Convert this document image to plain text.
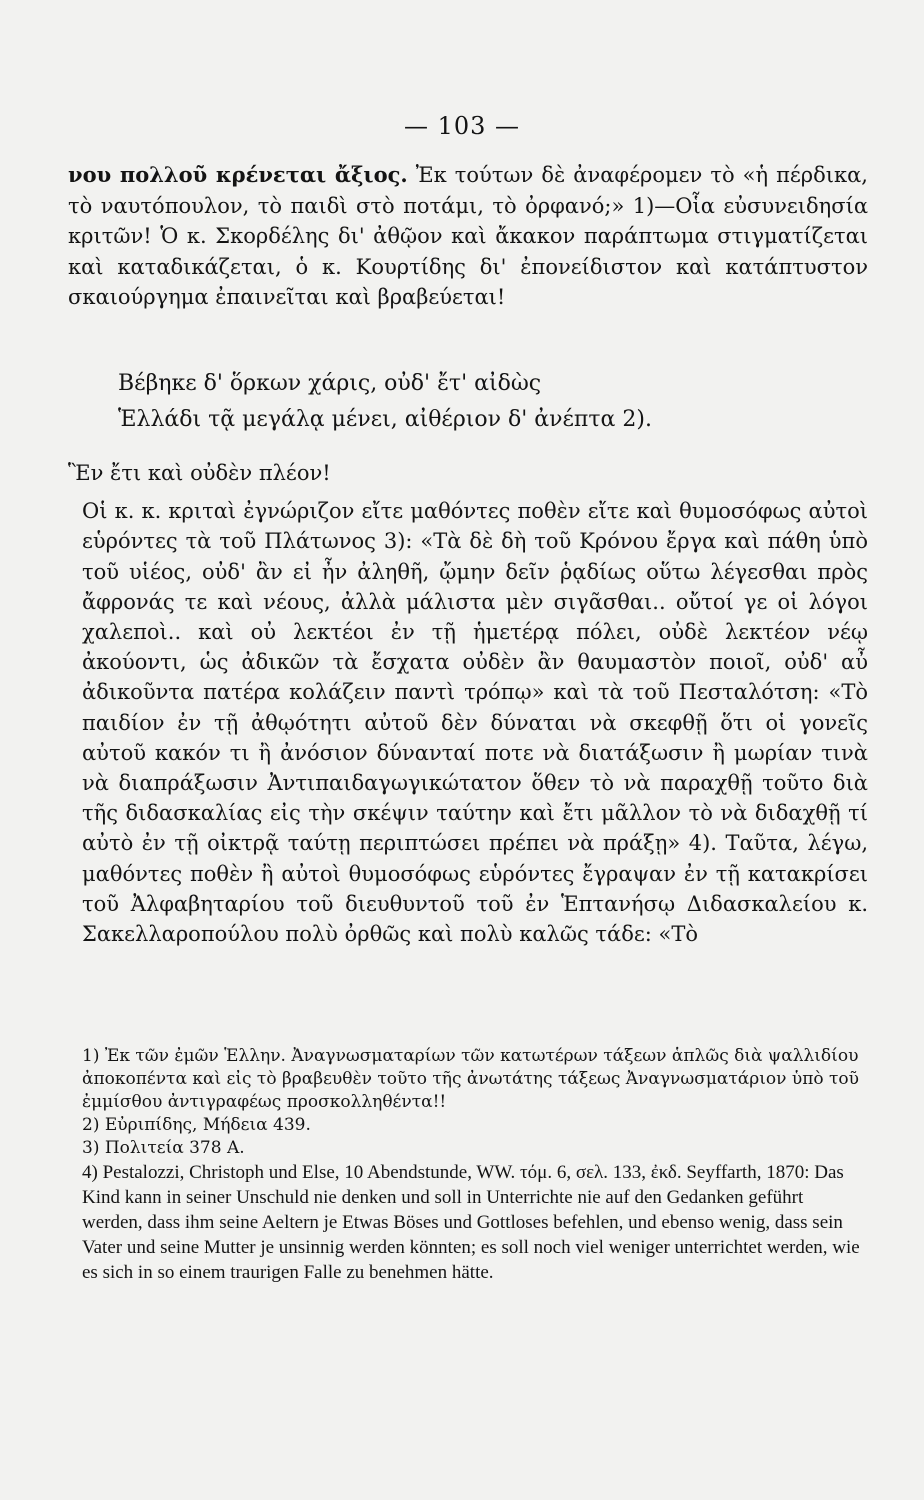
— 103 —

νου πολλοῦ κρένεται ἄξιος. Ἐκ τούτων δὲ ἀναφέρομεν τὸ «ἡ πέρδικα, τὸ ναυτόπουλον, τὸ παιδὶ στὸ ποτάμι, τὸ ὀρφανό;» 1)—Οἷα εὐσυνειδησία κριτῶν! Ὁ κ. Σκορδέλης δι' ἀθῷον καὶ ἄκακον παράπτωμα στιγματίζεται καὶ καταδικάζεται, ὁ κ. Κουρτίδης δι' ἐπονείδιστον καὶ κατάπτυστον σκαιούργημα ἐπαινεῖται καὶ βραβεύεται!

Βέβηκε δ' ὅρκων χάρις, οὐδ' ἔτ' αἰδὼς
Ἑλλάδι τᾷ μεγάλᾳ μένει, αἰθέριον δ' ἀνέπτα 2).

Ἓν ἔτι καὶ οὐδὲν πλέον!

Οἱ κ. κ. κριταὶ ἐγνώριζον εἴτε μαθόντες ποθὲν εἴτε καὶ θυμοσόφως αὐτοὶ εὑρόντες τὰ τοῦ Πλάτωνος 3): «Τὰ δὲ δὴ τοῦ Κρόνου ἔργα καὶ πάθη ὑπὸ τοῦ υἱέος, οὐδ' ἂν εἰ ἦν ἀληθῆ, ᾤμην δεῖν ῥᾳδίως οὕτω λέγεσθαι πρὸς ἄφρονάς τε καὶ νέους, ἀλλὰ μάλιστα μὲν σιγᾶσθαι.. οὔτοί γε οἱ λόγοι χαλεποὶ.. καὶ οὐ λεκτέοι ἐν τῇ ἡμετέρᾳ πόλει, οὐδὲ λεκτέον νέῳ ἀκούοντι, ὡς ἀδικῶν τὰ ἔσχατα οὐδὲν ἂν θαυμαστὸν ποιοῖ, οὐδ' αὖ ἀδικοῦντα πατέρα κολάζειν παντὶ τρόπῳ» καὶ τὰ τοῦ Πεσταλότση: «Τὸ παιδίον ἐν τῇ ἀθῳότητι αὐτοῦ δὲν δύναται νὰ σκεφθῇ ὅτι οἱ γονεῖς αὐτοῦ κακόν τι ἢ ἀνόσιον δύνανταί ποτε νὰ διατάξωσιν ἢ μωρίαν τινὰ νὰ διαπράξωσιν Ἀντιπαιδαγωγικώτατον ὅθεν τὸ νὰ παραχθῇ τοῦτο διὰ τῆς διδασκαλίας εἰς τὴν σκέψιν ταύτην καὶ ἔτι μᾶλλον τὸ νὰ διδαχθῇ τί αὐτὸ ἐν τῇ οἰκτρᾷ ταύτῃ περιπτώσει πρέπει νὰ πράξῃ» 4). Ταῦτα, λέγω, μαθόντες ποθὲν ἢ αὐτοὶ θυμοσόφως εὑρόντες ἔγραψαν ἐν τῇ κατακρίσει τοῦ Ἀλφαβηταρίου τοῦ διευθυντοῦ τοῦ ἐν Ἑπτανήσῳ Διδασκαλείου κ. Σακελλαροπούλου πολὺ ὀρθῶς καὶ πολὺ καλῶς τάδε: «Τὸ

1) Ἐκ τῶν ἐμῶν Ἑλλην. Ἀναγνωσματαρίων τῶν κατωτέρων τάξεων ἁπλῶς διὰ ψαλλιδίου ἀποκοπέντα καὶ εἰς τὸ βραβευθὲν τοῦτο τῆς ἀνωτάτης τάξεως Ἀναγνωσματάριον ὑπὸ τοῦ ἐμμίσθου ἀντιγραφέως προσκολληθέντα!!

2) Εὐριπίδης, Μήδεια 439.

3) Πολιτεία 378 Α.

4) Pestalozzi, Christoph und Else, 10 Abendstunde, WW. τόμ. 6, σελ. 133, ἐκδ. Seyffarth, 1870: Das Kind kann in seiner Unschuld nie denken und soll in Unterrichte nie auf den Gedanken geführt werden, dass ihm seine Aeltern je Etwas Böses und Gottloses befehlen, und ebenso wenig, dass sein Vater und seine Mutter je unsinnig werden könnten; es soll noch viel weniger unterrichtet werden, wie es sich in so einem traurigen Falle zu benehmen hätte.
